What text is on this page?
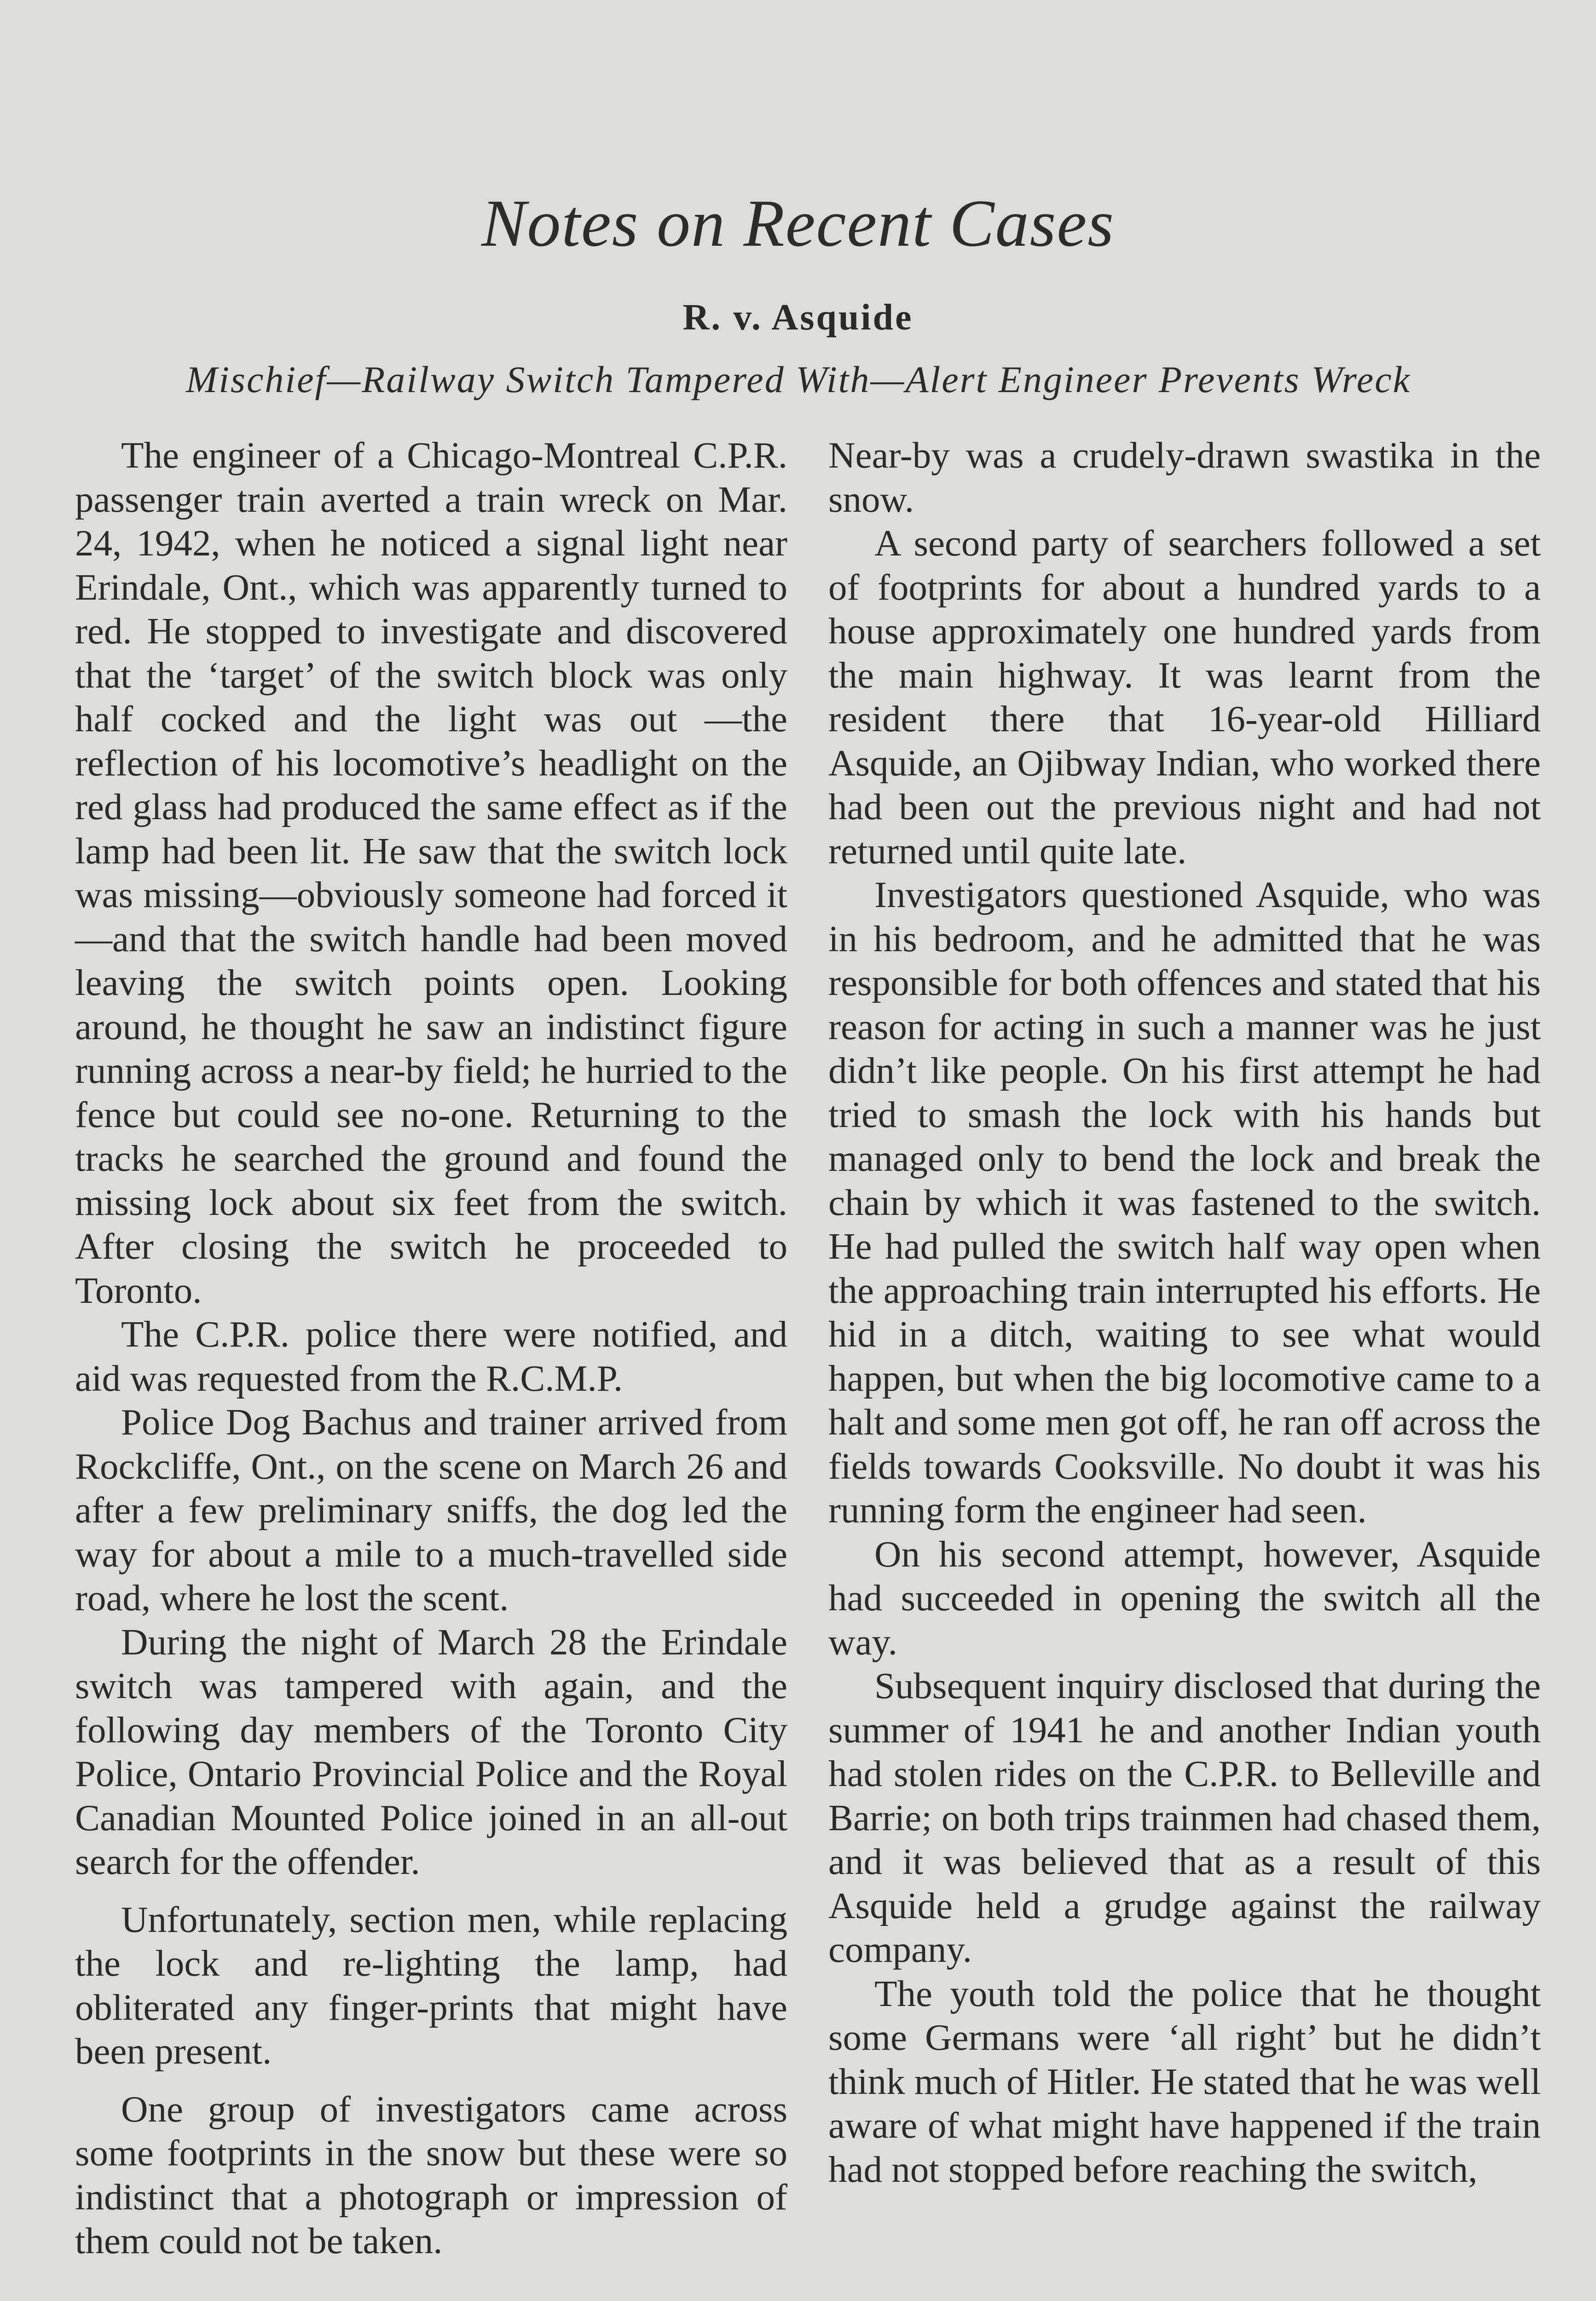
Notes on Recent Cases
R. v. Asquide
Mischief—Railway Switch Tampered With—Alert Engineer Prevents Wreck

The engineer of a Chicago-Montreal C.P.R. passenger train averted a train wreck on Mar. 24, 1942, when he noticed a signal light near Erindale, Ont., which was apparently turned to red. He stopped to investigate and discovered that the ‘target’ of the switch block was only half cocked and the light was out —the reflection of his locomotive’s headlight on the red glass had produced the same effect as if the lamp had been lit. He saw that the switch lock was missing—obviously someone had forced it—and that the switch handle had been moved leaving the switch points open. Looking around, he thought he saw an indistinct figure running across a near-by field; he hurried to the fence but could see no-one. Returning to the tracks he searched the ground and found the missing lock about six feet from the switch. After closing the switch he proceeded to Toronto.

The C.P.R. police there were notified, and aid was requested from the R.C.M.P.

Police Dog Bachus and trainer arrived from Rockcliffe, Ont., on the scene on March 26 and after a few preliminary sniffs, the dog led the way for about a mile to a much-travelled side road, where he lost the scent.

During the night of March 28 the Erindale switch was tampered with again, and the following day members of the Toronto City Police, Ontario Provincial Police and the Royal Canadian Mounted Police joined in an all-out search for the offender.

Unfortunately, section men, while replacing the lock and re-lighting the lamp, had obliterated any finger-prints that might have been present.

One group of investigators came across some footprints in the snow but these were so indistinct that a photograph or impression of them could not be taken.

Near-by was a crudely-drawn swastika in the snow.

A second party of searchers followed a set of footprints for about a hundred yards to a house approximately one hundred yards from the main highway. It was learnt from the resident there that 16-year-old Hilliard Asquide, an Ojibway Indian, who worked there had been out the previous night and had not returned until quite late.

Investigators questioned Asquide, who was in his bedroom, and he admitted that he was responsible for both offences and stated that his reason for acting in such a manner was he just didn’t like people. On his first attempt he had tried to smash the lock with his hands but managed only to bend the lock and break the chain by which it was fastened to the switch. He had pulled the switch half way open when the approaching train interrupted his efforts. He hid in a ditch, waiting to see what would happen, but when the big locomotive came to a halt and some men got off, he ran off across the fields towards Cooksville. No doubt it was his running form the engineer had seen.

On his second attempt, however, Asquide had succeeded in opening the switch all the way.

Subsequent inquiry disclosed that during the summer of 1941 he and another Indian youth had stolen rides on the C.P.R. to Belleville and Barrie; on both trips trainmen had chased them, and it was believed that as a result of this Asquide held a grudge against the railway company.

The youth told the police that he thought some Germans were ‘all right’ but he didn’t think much of Hitler. He stated that he was well aware of what might have happened if the train had not stopped before reaching the switch,
